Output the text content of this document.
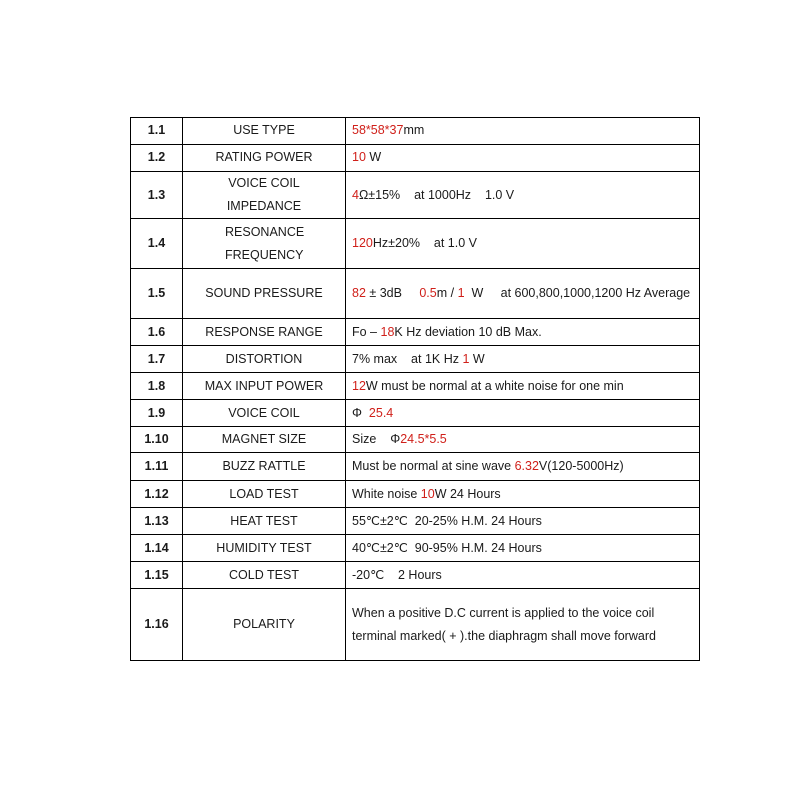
1.1	USE TYPE	58*58*37mm
1.2	RATING POWER	10 W
1.3	VOICE COIL IMPEDANCE	4Ω±15%    at 1000Hz    1.0 V
1.4	RESONANCE FREQUENCY	120Hz±20%    at 1.0 V
1.5	SOUND PRESSURE	82 ± 3dB     0.5m / 1  W     at 600,800,1000,1200 Hz Average
1.6	RESPONSE RANGE	Fo – 18K Hz deviation 10 dB Max.
1.7	DISTORTION	7% max    at 1K Hz 1 W
1.8	MAX INPUT POWER	12W must be normal at a white noise for one min
1.9	VOICE COIL	Φ  25.4
1.10	MAGNET SIZE	Size    Φ24.5*5.5
1.11	BUZZ RATTLE	Must be normal at sine wave 6.32V(120-5000Hz)
1.12	LOAD TEST	White noise 10W 24 Hours
1.13	HEAT TEST	55℃±2℃  20-25% H.M. 24 Hours
1.14	HUMIDITY TEST	40℃±2℃  90-95% H.M. 24 Hours
1.15	COLD TEST	-20℃    2 Hours
1.16	POLARITY	When a positive D.C current is applied to the voice coil terminal marked( + ).the diaphragm shall move forward
